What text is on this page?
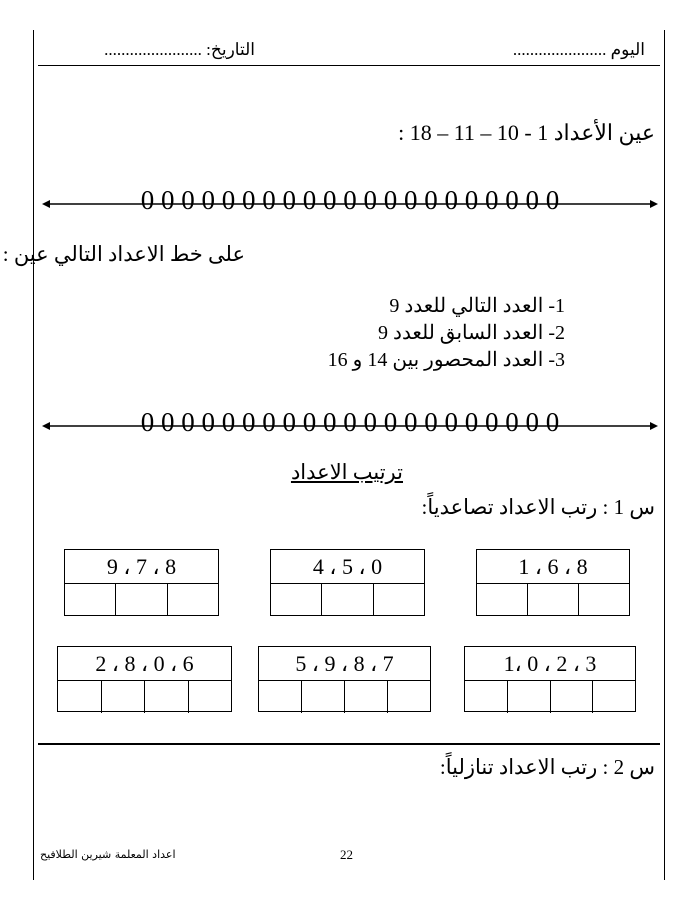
اليوم ......................
التاريخ: .......................
عين الأعداد 1 - 10 – 11 – 18 :
0 0 0 0 0 0 0 0 0 0 0 0 0 0 0 0 0 0 0 0 0
على خط الاعداد التالي عين :
1- العدد التالي للعدد 9
2- العدد السابق للعدد 9
3- العدد المحصور بين 14 و 16
0 0 0 0 0 0 0 0 0 0 0 0 0 0 0 0 0 0 0 0 0
ترتيب الاعداد
س 1 : رتب الاعداد تصاعدياً:
8 ، 6 ، 1
0 ، 5 ، 4
8 ، 7 ، 9
3 ، 2 ، 0 ،1
7 ، 8 ، 9 ، 5
6 ، 0 ، 8 ، 2
س 2 : رتب الاعداد تنازلياً:
22
اعداد المعلمة شيرين الطلافيح
